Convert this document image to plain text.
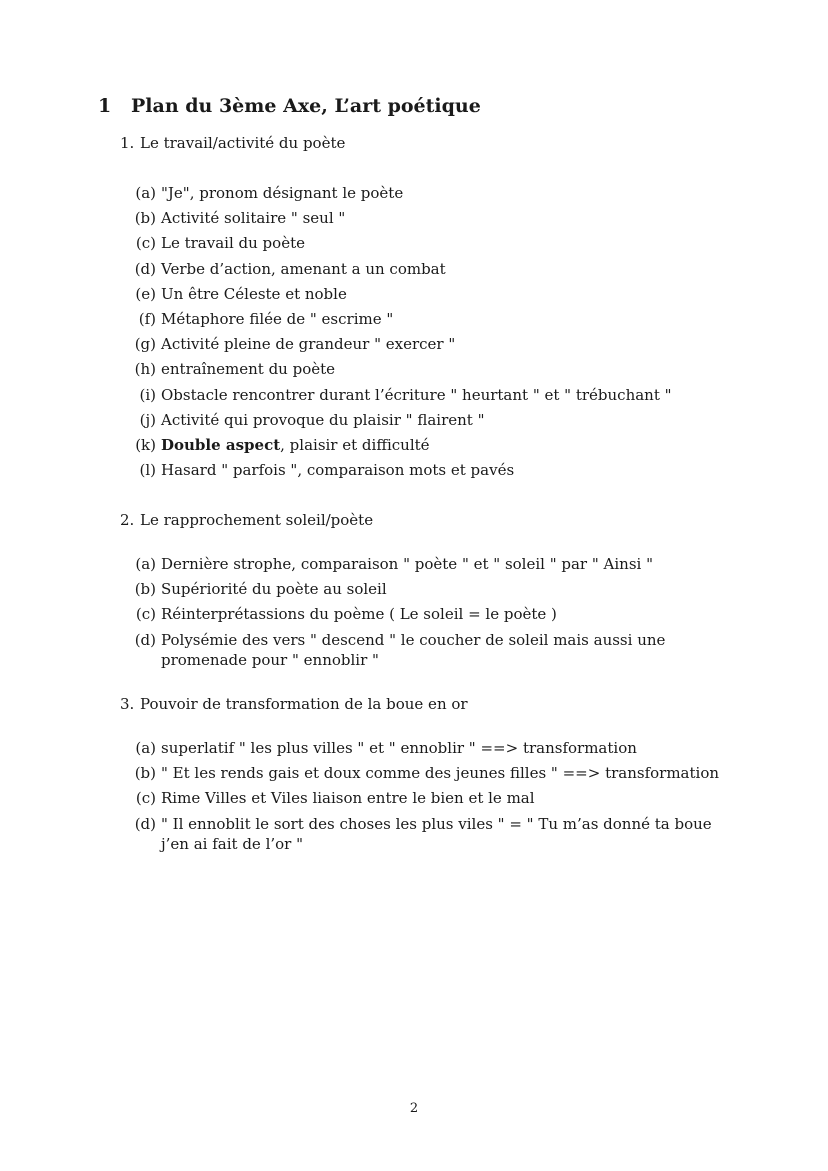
1 Plan du 3ème Axe, L’art poétique

1. Le travail/activité du poète

(a) "Je", pronom désignant le poète
(b) Activité solitaire " seul "
(c) Le travail du poète
(d) Verbe d’action, amenant a un combat
(e) Un être Céleste et noble
(f) Métaphore filée de " escrime "
(g) Activité pleine de grandeur " exercer "
(h) entraînement du poète
(i) Obstacle rencontrer durant l’écriture " heurtant " et " trébuchant "
(j) Activité qui provoque du plaisir " flairent "
(k) Double aspect, plaisir et difficulté
(l) Hasard " parfois ", comparaison mots et pavés

2. Le rapprochement soleil/poète

(a) Dernière strophe, comparaison " poète " et " soleil " par " Ainsi "
(b) Supériorité du poète au soleil
(c) Réinterprétassions du poème ( Le soleil = le poète )
(d) Polysémie des vers " descend " le coucher de soleil mais aussi une promenade pour " ennoblir "

3. Pouvoir de transformation de la boue en or

(a) superlatif " les plus villes " et " ennoblir " ==> transformation
(b) " Et les rends gais et doux comme des jeunes filles " ==> transformation
(c) Rime Villes et Viles liaison entre le bien et le mal
(d) " Il ennoblit le sort des choses les plus viles " = " Tu m’as donné ta boue j’en ai fait de l’or "
2
